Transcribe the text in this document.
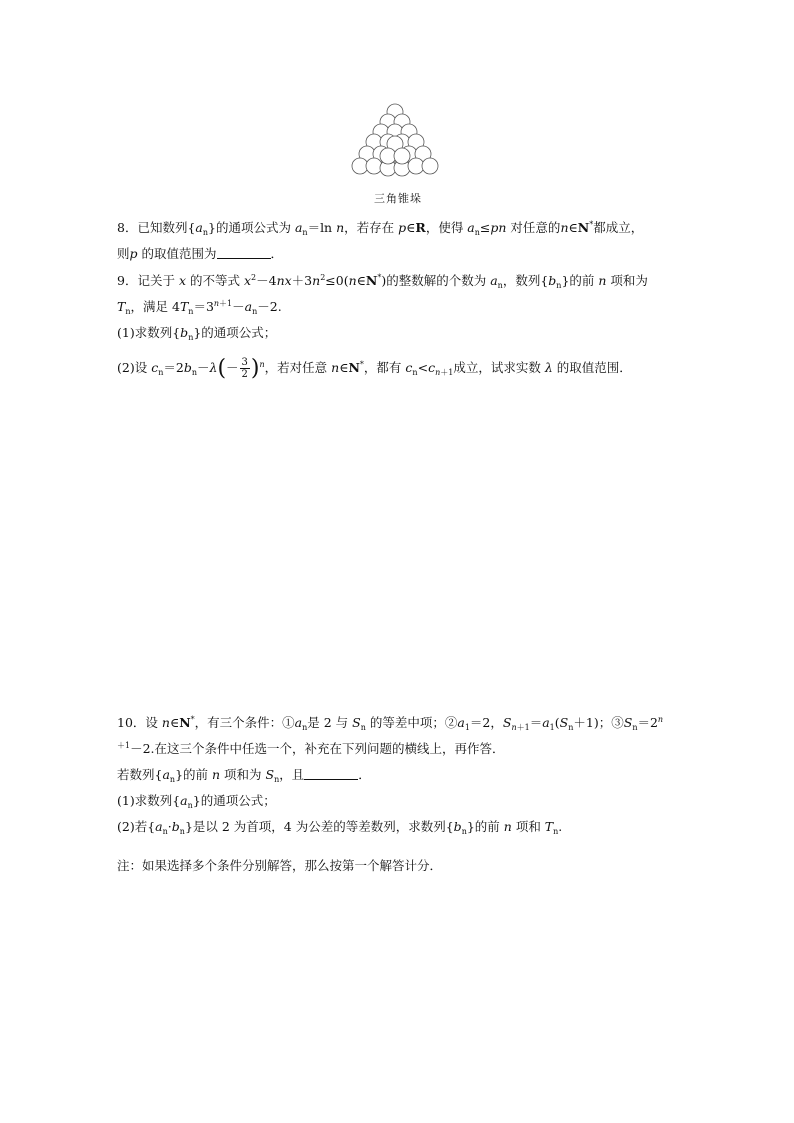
三角锥垛
8．已知数列$\{a_n\}$的通项公式为 $a_n=\ln$ n，若存在 p∈R，使得 $a_n\le pn$ 对任意的n∈N*都成立，
则p 的取值范围为	．
9．记关于 x 的不等式 $x^2-4nx+3n^2\le 0(n\in N^*)$的整数解的个数为 $a_n$，数列$\{b_n\}$的前 n 项和为
$T_n$，满足 $4T_n=3^{n+1}-a_n-2$.
(1)求数列$\{b_n\}$的通项公式；
(2)设 $c_n=2b_n-\lambda(- \frac{3}{2} )^n$，若对任意 n∈N*，都有 $c_n<c_{n+1}$成立，试求实数 λ 的取值范围．
10．设 n∈N*，有三个条件：$①a_n$是 2 与 $S_n$ 的等差中项；$②a_1=2$，$S_{n+1}=a_1(S_n+1)$；$③S_n=2^n$
$^{+1}$－2.在这三个条件中任选一个，补充在下列问题的横线上，再作答．
若数列$\{a_n\}$的前 n 项和为 $S_n$，且	．
(1)求数列$\{a_n\}$的通项公式；
(2)若$\{a_n\cdot b_n\}$是以 2 为首项，4 为公差的等差数列，求数列$\{b_n\}$的前 n 项和 $T_n$.
注：如果选择多个条件分别解答，那么按第一个解答计分．
